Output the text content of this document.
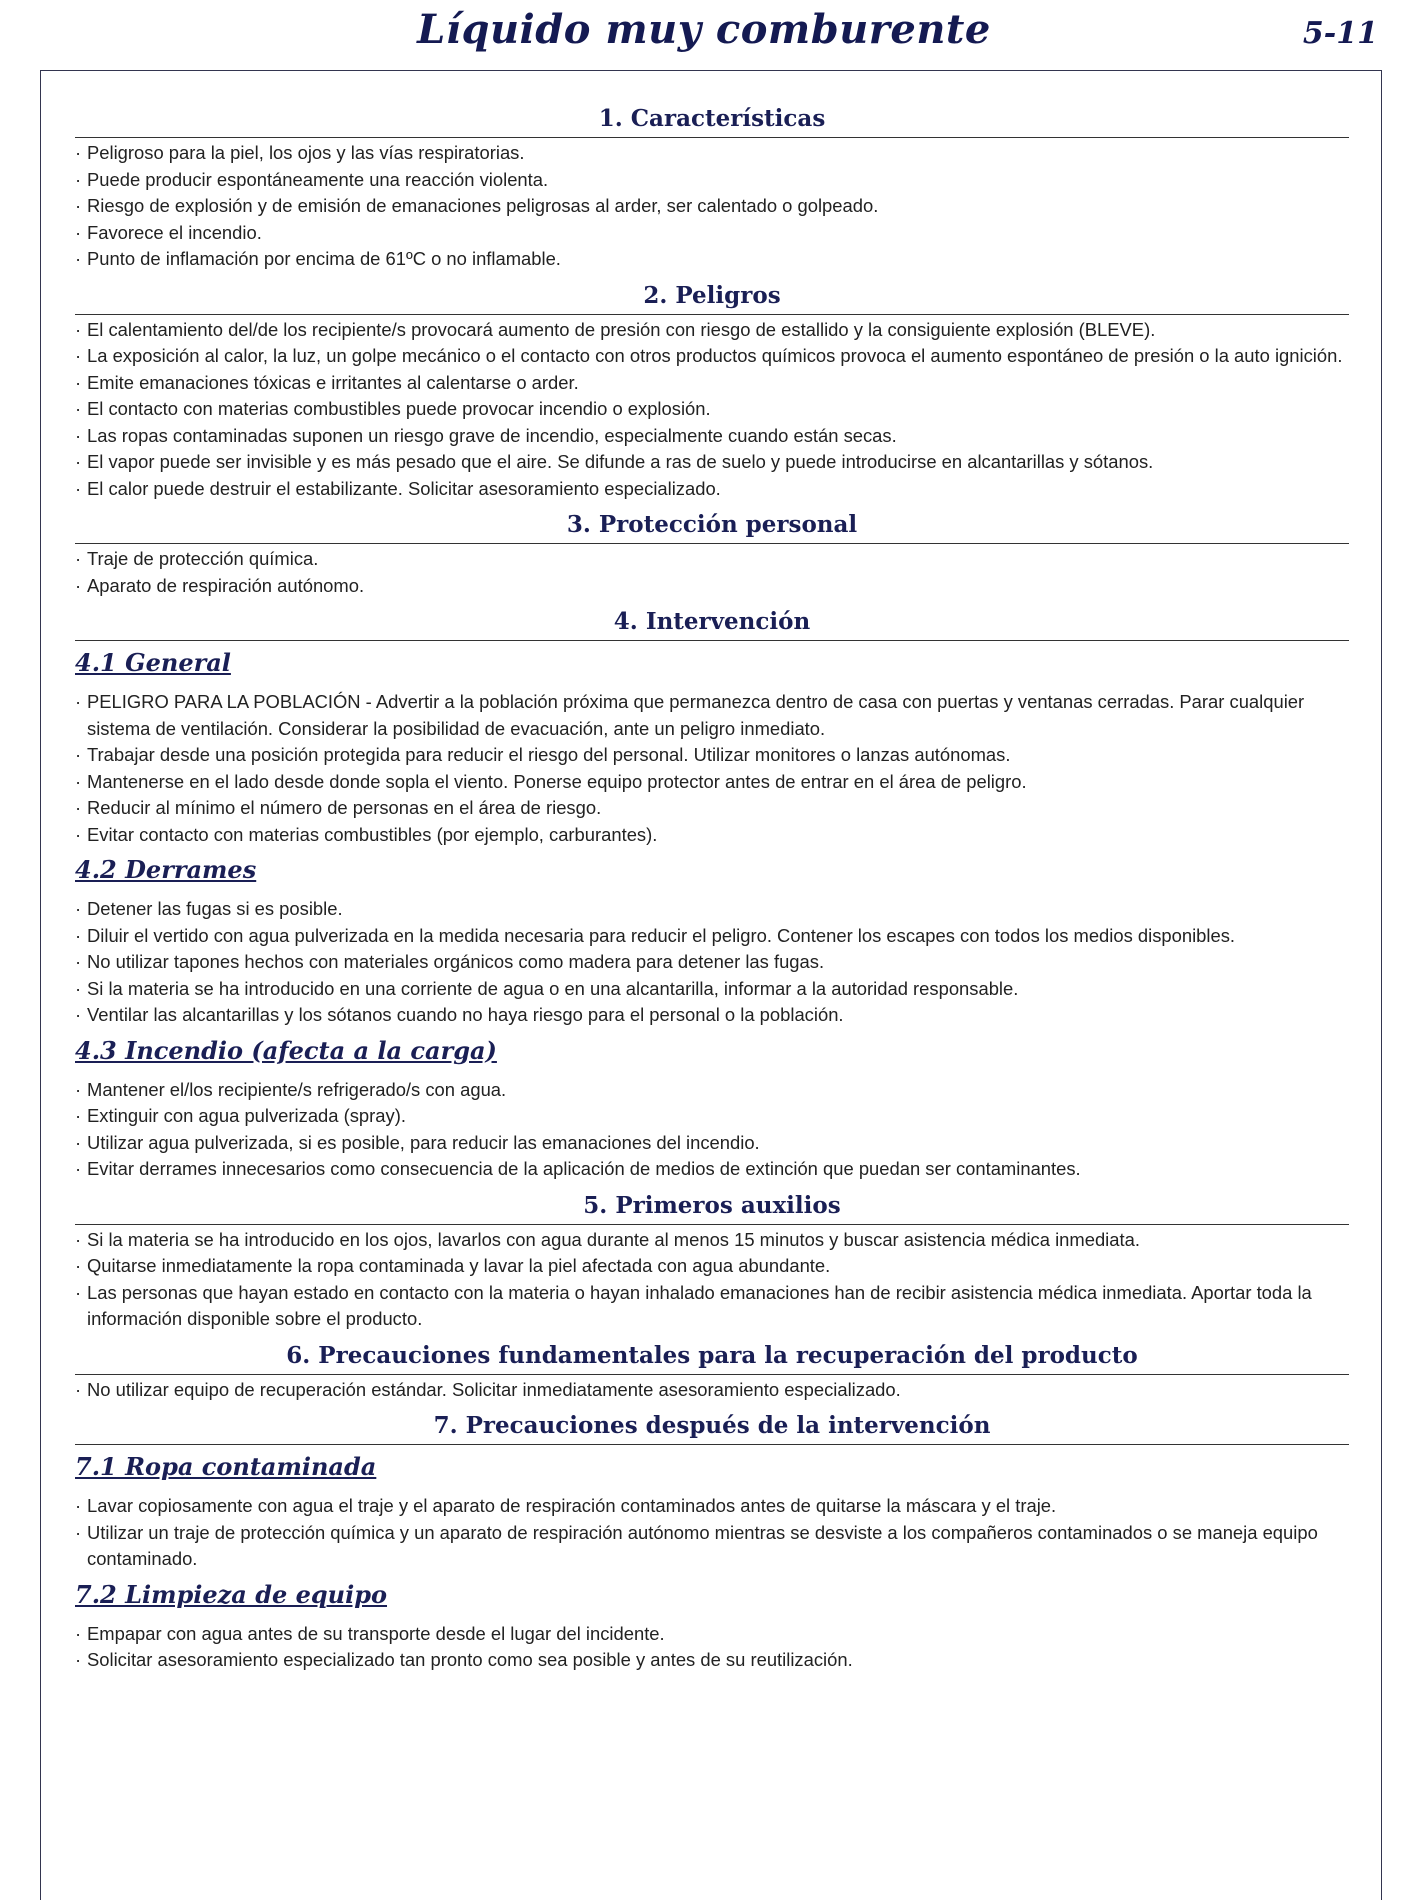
Líquido muy comburente	5-11
1. Características
· Peligroso para la piel, los ojos y las vías respiratorias.
· Puede producir espontáneamente una reacción violenta.
· Riesgo de explosión y de emisión de emanaciones peligrosas al arder, ser calentado o golpeado.
· Favorece el incendio.
· Punto de inflamación por encima de 61ºC o no inflamable.
2. Peligros
· El calentamiento del/de los recipiente/s provocará aumento de presión con riesgo de estallido y la consiguiente explosión (BLEVE).
· La exposición al calor, la luz, un golpe mecánico o el contacto con otros productos químicos provoca el aumento espontáneo de presión o la auto ignición.
· Emite emanaciones tóxicas e irritantes al calentarse o arder.
· El contacto con materias combustibles puede provocar incendio o explosión.
· Las ropas contaminadas suponen un riesgo grave de incendio, especialmente cuando están secas.
· El vapor puede ser invisible y es más pesado que el aire. Se difunde a ras de suelo y puede introducirse en alcantarillas y sótanos.
· El calor puede destruir el estabilizante. Solicitar asesoramiento especializado.
3. Protección personal
· Traje de protección química.
· Aparato de respiración autónomo.
4. Intervención
4.1 General
· PELIGRO PARA LA POBLACIÓN - Advertir a la población próxima que permanezca dentro de casa con puertas y ventanas cerradas. Parar cualquier sistema de ventilación. Considerar la posibilidad de evacuación, ante un peligro inmediato.
· Trabajar desde una posición protegida para reducir el riesgo del personal. Utilizar monitores o lanzas autónomas.
· Mantenerse en el lado desde donde sopla el viento. Ponerse equipo protector antes de entrar en el área de peligro.
· Reducir al mínimo el número de personas en el área de riesgo.
· Evitar contacto con materias combustibles (por ejemplo, carburantes).
4.2 Derrames
· Detener las fugas si es posible.
· Diluir el vertido con agua pulverizada en la medida necesaria para reducir el peligro. Contener los escapes con todos los medios disponibles.
· No utilizar tapones hechos con materiales orgánicos como madera para detener las fugas.
· Si la materia se ha introducido en una corriente de agua o en una alcantarilla, informar a la autoridad responsable.
· Ventilar las alcantarillas y los sótanos cuando no haya riesgo para el personal o la población.
4.3 Incendio (afecta a la carga)
· Mantener el/los recipiente/s refrigerado/s con agua.
· Extinguir con agua pulverizada (spray).
· Utilizar agua pulverizada, si es posible, para reducir las emanaciones del incendio.
· Evitar derrames innecesarios como consecuencia de la aplicación de medios de extinción que puedan ser contaminantes.
5. Primeros auxilios
· Si la materia se ha introducido en los ojos, lavarlos con agua durante al menos 15 minutos y buscar asistencia médica inmediata.
· Quitarse inmediatamente la ropa contaminada y lavar la piel afectada con agua abundante.
· Las personas que hayan estado en contacto con la materia o hayan inhalado emanaciones han de recibir asistencia médica inmediata. Aportar toda la información disponible sobre el producto.
6. Precauciones fundamentales para la recuperación del producto
· No utilizar equipo de recuperación estándar. Solicitar inmediatamente asesoramiento especializado.
7. Precauciones después de la intervención
7.1 Ropa contaminada
· Lavar copiosamente con agua el traje y el aparato de respiración contaminados antes de quitarse la máscara y el traje.
· Utilizar un traje de protección química y un aparato de respiración autónomo mientras se desviste a los compañeros contaminados o se maneja equipo contaminado.
7.2 Limpieza de equipo
· Empapar con agua antes de su transporte desde el lugar del incidente.
· Solicitar asesoramiento especializado tan pronto como sea posible y antes de su reutilización.
